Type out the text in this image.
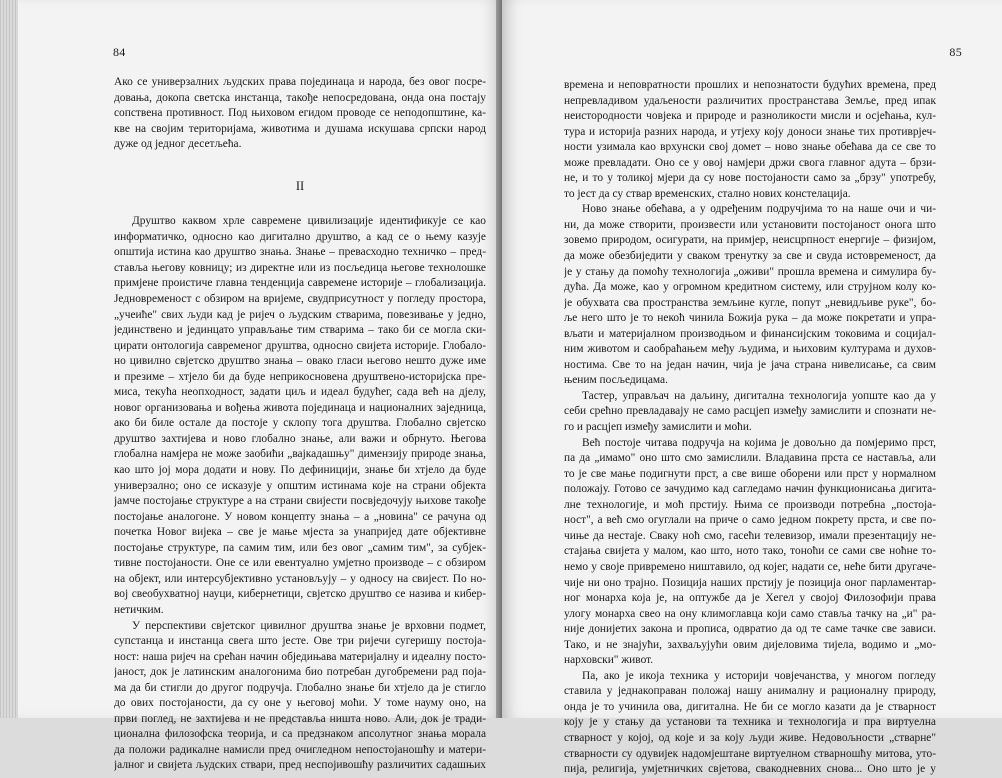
84
Ако се универзалних људских права појединаца и народа, без овог посре-
довања, докопа светска инстанца, такође непосредована, онда она постају
сопствена противност. Под њиховом егидом проводе се неподопштине, ка-
кве на својим територијама, животима и душама искушава српски народ
дуже од једног десетљећа.
II
Друштво каквом хрле савремене цивилизације идентификује се као
информатичко, односно као дигитално друштво, а кад се о њему казује
општија истина као друштво знања. Знање – превасходно техничко – пред-
ставља његову ковницу; из директне или из посљедица његове технолошке
примјене проистиче главна тенденција савремене историје – глобализација.
Једновременост с обзиром на вријеме, свудприсутност у погледу простора,
„учеиће" свих људи кад је ријеч о људским стварима, повезивање у једно,
јединствено и јединцато управљање тим стварима – тако би се могла ски-
цирати онтологија савременог друштва, односно свијета историје. Глобало-
но цивилно свјетско друштво знања – овако гласи његово нешто дуже име
и презиме – хтјело би да буде неприкосновена друштвено-историјска пре-
миса, текућа неопходност, задати циљ и идеал будућег, сада већ на дјелу,
новог организовања и вођења живота појединаца и националних заједница,
ако би биле остале да постоје у склопу тога друштва. Глобално свјетско
друштво захтијева и ново глобално знање, али важи и обрнуто. Његова
глобална намјера не може заобићи „вајкадашњу" димензију природе знања,
као што јој мора додати и нову. По дефиницији, знање би хтјело да буде
универзално; оно се исказује у општим истинама које на страни објекта
јамче постојање структуре а на страни свијести посвједочују њихове такође
постојање аналогоне. У новом концепту знања – а „новина" се рачуна од
почетка Новог вијека – све је мање мјеста за унапријед дате објективне
постојање структуре, па самим тим, или без овог „самим тим", за субјек-
тивне постојаности. Оне се или евентуално умјетно производе – с обзиром
на објект, или интерсубјективно установљују – у односу на свијест. По но-
вој свеобухватној науци, кибернетици, свјетско друштво се назива и кибер-
нетичким.
У перспективи свјетског цивилног друштва знање је врховни подмет,
супстанца и инстанца свега што јесте. Ове три ријечи сугеришу постоја-
ност: наша ријеч на срећан начин обједињава материјалну и идеалну посто-
јаност, док је латинским аналогонима био потребан дугобремени рад поја-
ма да би стигли до другог подручја. Глобално знање би хтјело да је стигло
до ових постојаности, да су оне у његовој моћи. У томе науму оно, на
први поглед, не захтијева и не представља ништа ново. Али, док је тради-
ционална филозофска теорија, и са предзнаком апсолутног знања морала
да положи радикалне намисли пред очигледном непостојаношћу и матери-
јалног и свијета људских ствари, пред неспојивошћу различитих садашњих
85
времена и неповратности прошлих и непознатости будућих времена, пред
непревладивом удаљености различитих пространстава Земље, пред ипак
неистородности човјека и природе и разноликости мисли и осјећања, кул-
тура и историја разних народа, и утјеху коју доноси знање тих противрјеч-
ности узимала као врхунски свој домет – ново знање обећава да се све то
може превладати. Оно се у овој намјери држи свога главног адута – брзи-
не, и то у толикој мјери да су нове постојаности само за „брзу" употребу,
то јест да су ствар временских, стално нових констелација.
Ново знање обећава, а у одређеним подручјима то на наше очи и чи-
ни, да може створити, произвести или установити постојаност онога што
зовемо природом, осигурати, на примјер, неисцрпност енергије – физијом,
да може обезбиједити у сваком тренутку за све и свуда истовременост, да
је у стању да помоћу технологија „оживи" прошла времена и симулира бу-
дућа. Да може, као у огромном кредитном систему, или струјном колу ко-
је обухвата сва пространства земљине кугле, попут „невидљиве руке", бо-
ље него што је то некоћ чинила Божија рука – да може покретати и упра-
вљати и материјалном производњом и финансијским токовима и социјал-
ним животом и саобраћањем међу људима, и њиховим културама и духов-
ностима. Све то на један начин, чија је јача страна нивелисање, са свим
њеним посљедицама.
Тастер, управљач на даљину, дигитална технологија уопште као да у
себи срећно превладавају не само расцјеп између замислити и спознати не-
го и расцјеп између замислити и моћи.
Већ постоје читава подручја на којима је довољно да помјеримо прст,
па да „имамо" оно што смо замислили. Владавина прста се наставља, али
то је све мање подигнути прст, а све више оборени или прст у нормалном
положају. Готово се зачудимо кад сагледамо начин функционисања дигита-
лне технологије, и моћ прстију. Њима се производи потребна „постоја-
ност", а већ смо огуглали на приче о само једном покрету прста, и све по-
чиње да нестаје. Сваку ноћ смо, гасећи телевизор, имали презентацију не-
стајања свијета у малом, као што, ното тако, тоноћи се сами све ноћне то-
немо у своје привремено ништавило, од којег, надати се, неће бити другаче-
чије ни оно трајно. Позиција наших прстију је позиција оног парламентар-
ног монарха која је, на оптужбе да је Хегел у својој Филозофији права
улогу монарха свео на ону климоглавца који само ставља тачку на „и" ра-
није донијетих закона и прописа, одвратио да од те саме тачке све зависи.
Тако, и не знајући, захваљујући овим дијеловима тијела, водимо и „мо-
нарховски" живот.
Па, ако је икоја техника у историји човјечанства, у многом погледу
ставила у једнакоправан положај нашу анималну и рационалну природу,
онда је то учинила ова, дигитална. Не би се могло казати да је стварност
коју је у стању да установи та техника и технологија и пра виртуелна
стварност у којој, од које и за коју људи живе. Недовољности „стварне"
стварности су одувијек надомјештане виртуелном стварношћу митова, уто-
пија, религија, умјетничких свјетова, свакодневних снова... Оно што је у
